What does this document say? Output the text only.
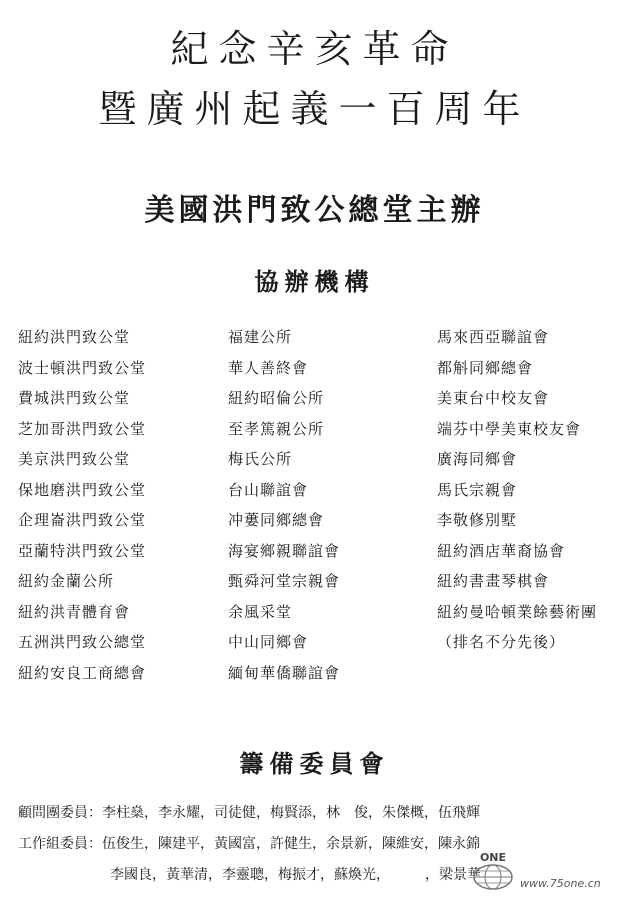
紀念辛亥革命
暨廣州起義一百周年
美國洪門致公總堂主辦
協辦機構
紐約洪門致公堂
波士頓洪門致公堂
費城洪門致公堂
芝加哥洪門致公堂
美京洪門致公堂
保地磨洪門致公堂
企理崙洪門致公堂
亞蘭特洪門致公堂
紐約金蘭公所
紐約洪青體育會
五洲洪門致公總堂
紐約安良工商總會
福建公所
華人善終會
紐約昭倫公所
至孝篤親公所
梅氏公所
台山聯誼會
冲蔞同鄉總會
海宴鄉親聯誼會
甄舜河堂宗親會
余風采堂
中山同鄉會
緬甸華僑聯誼會
馬來西亞聯誼會
都斛同鄉總會
美東台中校友會
端芬中學美東校友會
廣海同鄉會
馬氏宗親會
李敬修別墅
紐約酒店華裔協會
紐約書畫琴棋會
紐約曼哈頓業餘藝術團
（排名不分先後）
籌備委員會
顧問團委員：李柱燊，李永耀，司徒健，梅賢添，林　俊，朱傑概，伍飛輝
工作組委員：伍俊生，陳建平，黃國富，許健生，余景新，陳維安，陳永錦
李國良，黃華清，李靈聰，梅振才，蘇煥光，　　　，梁景華
ONE
www.75one.cn
